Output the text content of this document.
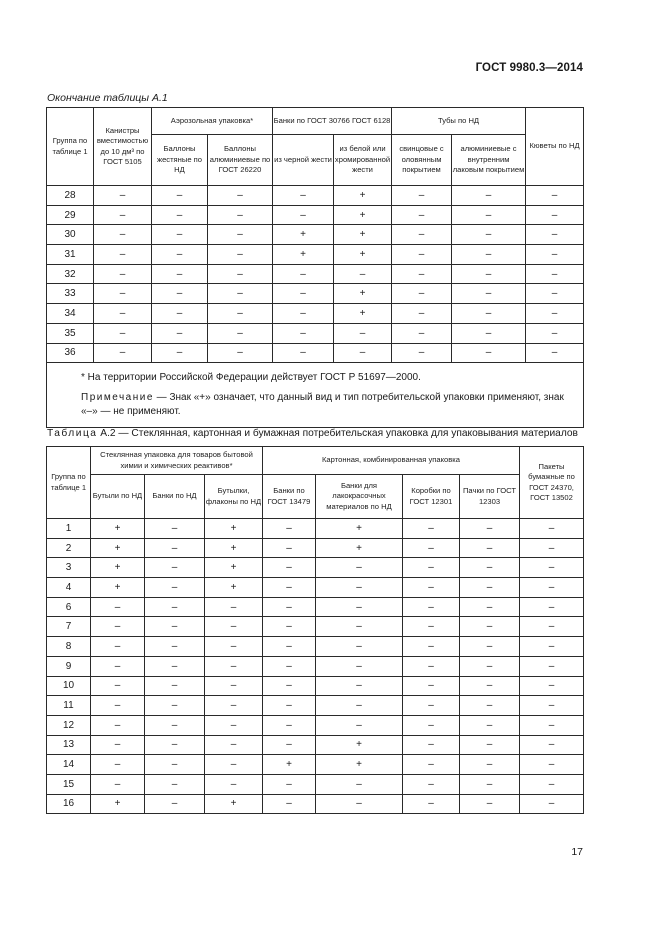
ГОСТ 9980.3—2014
Окончание таблицы А.1
Группа по таблице 1	Канистры вместимостью до 10 дм³ по ГОСТ 5105	Аэрозольная упаковка*		Банки по ГОСТ 30766 ГОСТ 6128		Тубы по НД		Кюветы по НД
		Баллоны жестяные по НД	Баллоны алюминиевые по ГОСТ 26220	из черной жести	из белой или хромированной жести	свинцовые с оловянным покрытием	алюминиевые с внутренним лаковым покрытием	
28	–	–	–	–	+	–	–	–
29	–	–	–	–	+	–	–	–
30	–	–	–	+	+	–	–	–
31	–	–	–	+	+	–	–	–
32	–	–	–	–	–	–	–	–
33	–	–	–	–	+	–	–	–
34	–	–	–	–	+	–	–	–
35	–	–	–	–	–	–	–	–
36	–	–	–	–	–	–	–	–
* На территории Российской Федерации действует ГОСТ Р 51697—2000.								
Примечание — Знак «+» означает, что данный вид и тип потребительской упаковки применяют, знак «–» — не применяют.								
Таблица А.2 — Стеклянная, картонная и бумажная потребительская упаковка для упаковывания материалов
Группа по таблице 1	Стеклянная упаковка для товаров бытовой химии и химических реактивов*			Картонная, комбинированная упаковка				Пакеты бумажные по ГОСТ 24370, ГОСТ 13502
	Бутыли по НД	Банки по НД	Бутылки, флаконы по НД	Банки по ГОСТ 13479	Банки для лакокрасочных материалов по НД	Коробки по ГОСТ 12301	Пачки по ГОСТ 12303	
1	+	–	+	–	+	–	–	–
2	+	–	+	–	+	–	–	–
3	+	–	+	–	–	–	–	–
4	+	–	+	–	–	–	–	–
6	–	–	–	–	–	–	–	–
7	–	–	–	–	–	–	–	–
8	–	–	–	–	–	–	–	–
9	–	–	–	–	–	–	–	–
10	–	–	–	–	–	–	–	–
11	–	–	–	–	–	–	–	–
12	–	–	–	–	–	–	–	–
13	–	–	–	–	+	–	–	–
14	–	–	–	+	+	–	–	–
15	–	–	–	–	–	–	–	–
16	+	–	+	–	–	–	–	–
17
